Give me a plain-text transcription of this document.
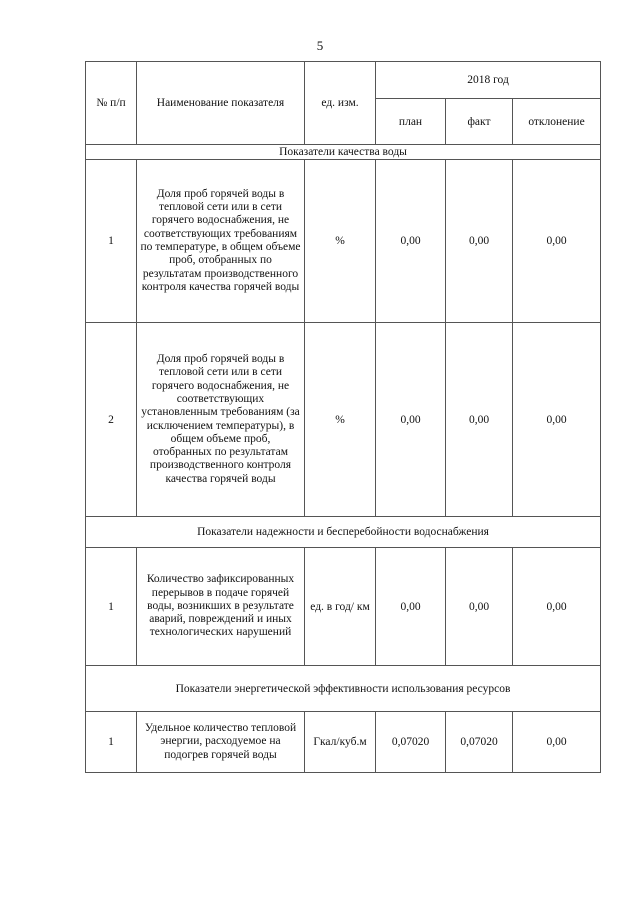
5
№ п/п	Наименование показателя	ед. изм.	2018 год		
			план	факт	отклонение
Показатели качества воды					
1	Доля проб горячей воды в тепловой сети или в сети горячего водоснабжения, не соответствующих требованиям по температуре, в общем объеме проб, отобранных по результатам производственного контроля качества горячей воды	%	0,00	0,00	0,00
2	Доля проб горячей воды в тепловой сети или в сети горячего водоснабжения, не соответствующих установленным требованиям (за исключением температуры), в общем объеме проб, отобранных по результатам производственного контроля качества горячей воды	%	0,00	0,00	0,00
Показатели надежности и бесперебойности водоснабжения					
1	Количество зафиксированных перерывов в подаче горячей воды, возникших в результате аварий, повреждений и иных технологических нарушений	ед. в год/ км	0,00	0,00	0,00
Показатели энергетической эффективности использования ресурсов					
1	Удельное количество тепловой энергии, расходуемое на подогрев горячей воды	Гкал/куб.м	0,07020	0,07020	0,00
